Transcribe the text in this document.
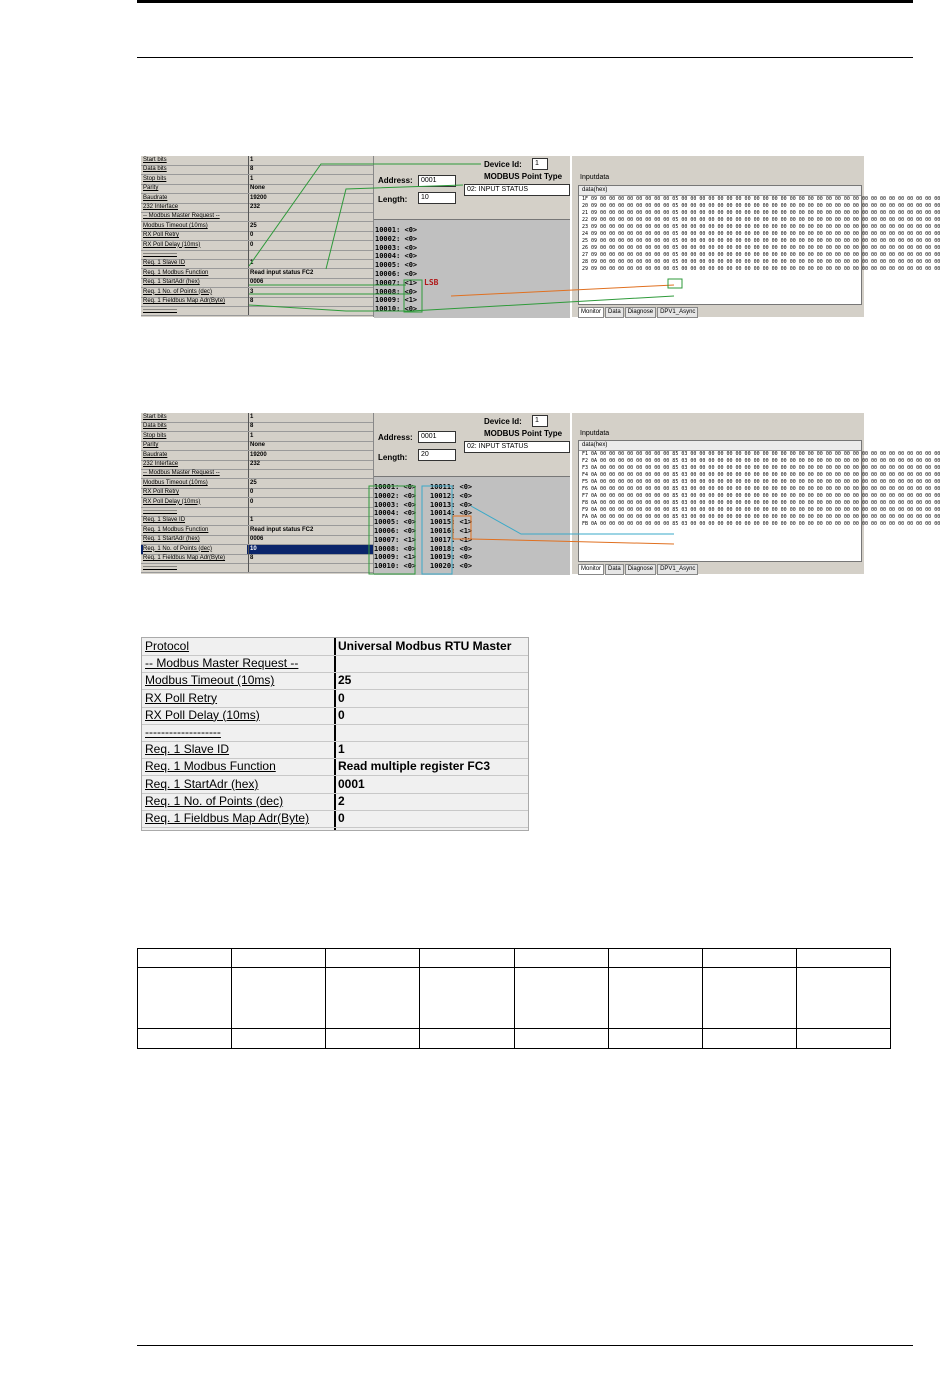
Start bits	1
Data bits	8
Stop bits	1
Parity	None
Baudrate	19200
232 Interface	232
-- Modbus Master Request --
Modbus Timeout (10ms)	25
RX Poll Retry	0
RX Poll Delay (10ms)	0
-----------------
Req. 1 Slave ID	1
Req. 1 Modbus Function	Read input status FC2
Req. 1 StartAdr (hex)	0006
Req. 1 No. of Points (dec)	3
Req. 1 Fieldbus Map Adr(Byte)	8
-----------------
Device Id:	1
MODBUS Point Type
02: INPUT STATUS
Address:	0001
Length:	10
10001: <0>
10002: <0>
10003: <0>
10004: <0>
10005: <0>
10006: <0>
10007: <1>
10008: <0>
10009: <1>
10010: <0>
LSB
Inputdata
data(hex)
1F 09 00 00 00 00 00 00 00 00 05 00 00 00 00 00 00 00 00 00 00 00 00 00 00 00 00 00 00 00 00 00 00 00 00 00 00 00 00 00
20 09 00 00 00 00 00 00 00 00 05 00 00 00 00 00 00 00 00 00 00 00 00 00 00 00 00 00 00 00 00 00 00 00 00 00 00 00 00 00
21 09 00 00 00 00 00 00 00 00 05 00 00 00 00 00 00 00 00 00 00 00 00 00 00 00 00 00 00 00 00 00 00 00 00 00 00 00 00 00
22 09 00 00 00 00 00 00 00 00 05 00 00 00 00 00 00 00 00 00 00 00 00 00 00 00 00 00 00 00 00 00 00 00 00 00 00 00 00 00
23 09 00 00 00 00 00 00 00 00 05 00 00 00 00 00 00 00 00 00 00 00 00 00 00 00 00 00 00 00 00 00 00 00 00 00 00 00 00 00
24 09 00 00 00 00 00 00 00 00 05 00 00 00 00 00 00 00 00 00 00 00 00 00 00 00 00 00 00 00 00 00 00 00 00 00 00 00 00 00
25 09 00 00 00 00 00 00 00 00 05 00 00 00 00 00 00 00 00 00 00 00 00 00 00 00 00 00 00 00 00 00 00 00 00 00 00 00 00 00
26 09 00 00 00 00 00 00 00 00 05 00 00 00 00 00 00 00 00 00 00 00 00 00 00 00 00 00 00 00 00 00 00 00 00 00 00 00 00 00
27 09 00 00 00 00 00 00 00 00 05 00 00 00 00 00 00 00 00 00 00 00 00 00 00 00 00 00 00 00 00 00 00 00 00 00 00 00 00 00
28 09 00 00 00 00 00 00 00 00 05 00 00 00 00 00 00 00 00 00 00 00 00 00 00 00 00 00 00 00 00 00 00 00 00 00 00 00 00 00
29 09 00 00 00 00 00 00 00 00 05 00 00 00 00 00 00 00 00 00 00 00 00 00 00 00 00 00 00 00 00 00 00 00 00 00 00 00 00 00
Monitor Data Diagnose DPV1_Async
Start bits	1
Data bits	8
Stop bits	1
Parity	None
Baudrate	19200
232 Interface	232
-- Modbus Master Request --
Modbus Timeout (10ms)	25
RX Poll Retry	0
RX Poll Delay (10ms)	0
-----------------
Req. 1 Slave ID	1
Req. 1 Modbus Function	Read input status FC2
Req. 1 StartAdr (hex)	0006
Req. 1 No. of Points (dec)	10
Req. 1 Fieldbus Map Adr(Byte)	8
-----------------
Device Id:	1
MODBUS Point Type
02: INPUT STATUS
Address:	0001
Length:	20
10001: <0>
10002: <0>
10003: <0>
10004: <0>
10005: <0>
10006: <0>
10007: <1>
10008: <0>
10009: <1>
10010: <0>
10011: <0>
10012: <0>
10013: <0>
10014: <0>
10015: <1>
10016: <1>
10017: <1>
10018: <0>
10019: <0>
10020: <0>
Inputdata
data(hex)
F1 0A 00 00 00 00 00 00 00 00 85 03 00 00 00 00 00 00 00 00 00 00 00 00 00 00 00 00 00 00 00 00 00 00 00 00 00 00 00 00
F2 0A 00 00 00 00 00 00 00 00 85 03 00 00 00 00 00 00 00 00 00 00 00 00 00 00 00 00 00 00 00 00 00 00 00 00 00 00 00 00
F3 0A 00 00 00 00 00 00 00 00 85 03 00 00 00 00 00 00 00 00 00 00 00 00 00 00 00 00 00 00 00 00 00 00 00 00 00 00 00 00
F4 0A 00 00 00 00 00 00 00 00 85 03 00 00 00 00 00 00 00 00 00 00 00 00 00 00 00 00 00 00 00 00 00 00 00 00 00 00 00 00
F5 0A 00 00 00 00 00 00 00 00 85 03 00 00 00 00 00 00 00 00 00 00 00 00 00 00 00 00 00 00 00 00 00 00 00 00 00 00 00 00
F6 0A 00 00 00 00 00 00 00 00 85 03 00 00 00 00 00 00 00 00 00 00 00 00 00 00 00 00 00 00 00 00 00 00 00 00 00 00 00 00
F7 0A 00 00 00 00 00 00 00 00 85 03 00 00 00 00 00 00 00 00 00 00 00 00 00 00 00 00 00 00 00 00 00 00 00 00 00 00 00 00
F8 0A 00 00 00 00 00 00 00 00 85 03 00 00 00 00 00 00 00 00 00 00 00 00 00 00 00 00 00 00 00 00 00 00 00 00 00 00 00 00
F9 0A 00 00 00 00 00 00 00 00 85 03 00 00 00 00 00 00 00 00 00 00 00 00 00 00 00 00 00 00 00 00 00 00 00 00 00 00 00 00
FA 0A 00 00 00 00 00 00 00 00 85 03 00 00 00 00 00 00 00 00 00 00 00 00 00 00 00 00 00 00 00 00 00 00 00 00 00 00 00 00
FB 0A 00 00 00 00 00 00 00 00 85 03 00 00 00 00 00 00 00 00 00 00 00 00 00 00 00 00 00 00 00 00 00 00 00 00 00 00 00 00
Monitor Data Diagnose DPV1_Async
Protocol	Universal Modbus RTU Master
-- Modbus Master Request --
Modbus Timeout (10ms)	25
RX Poll Retry	0
RX Poll Delay (10ms)	0
-------------------
Req. 1 Slave ID	1
Req. 1 Modbus Function	Read multiple register FC3
Req. 1 StartAdr (hex)	0001
Req. 1 No. of Points (dec)	2
Req. 1 Fieldbus Map Adr(Byte)	0
